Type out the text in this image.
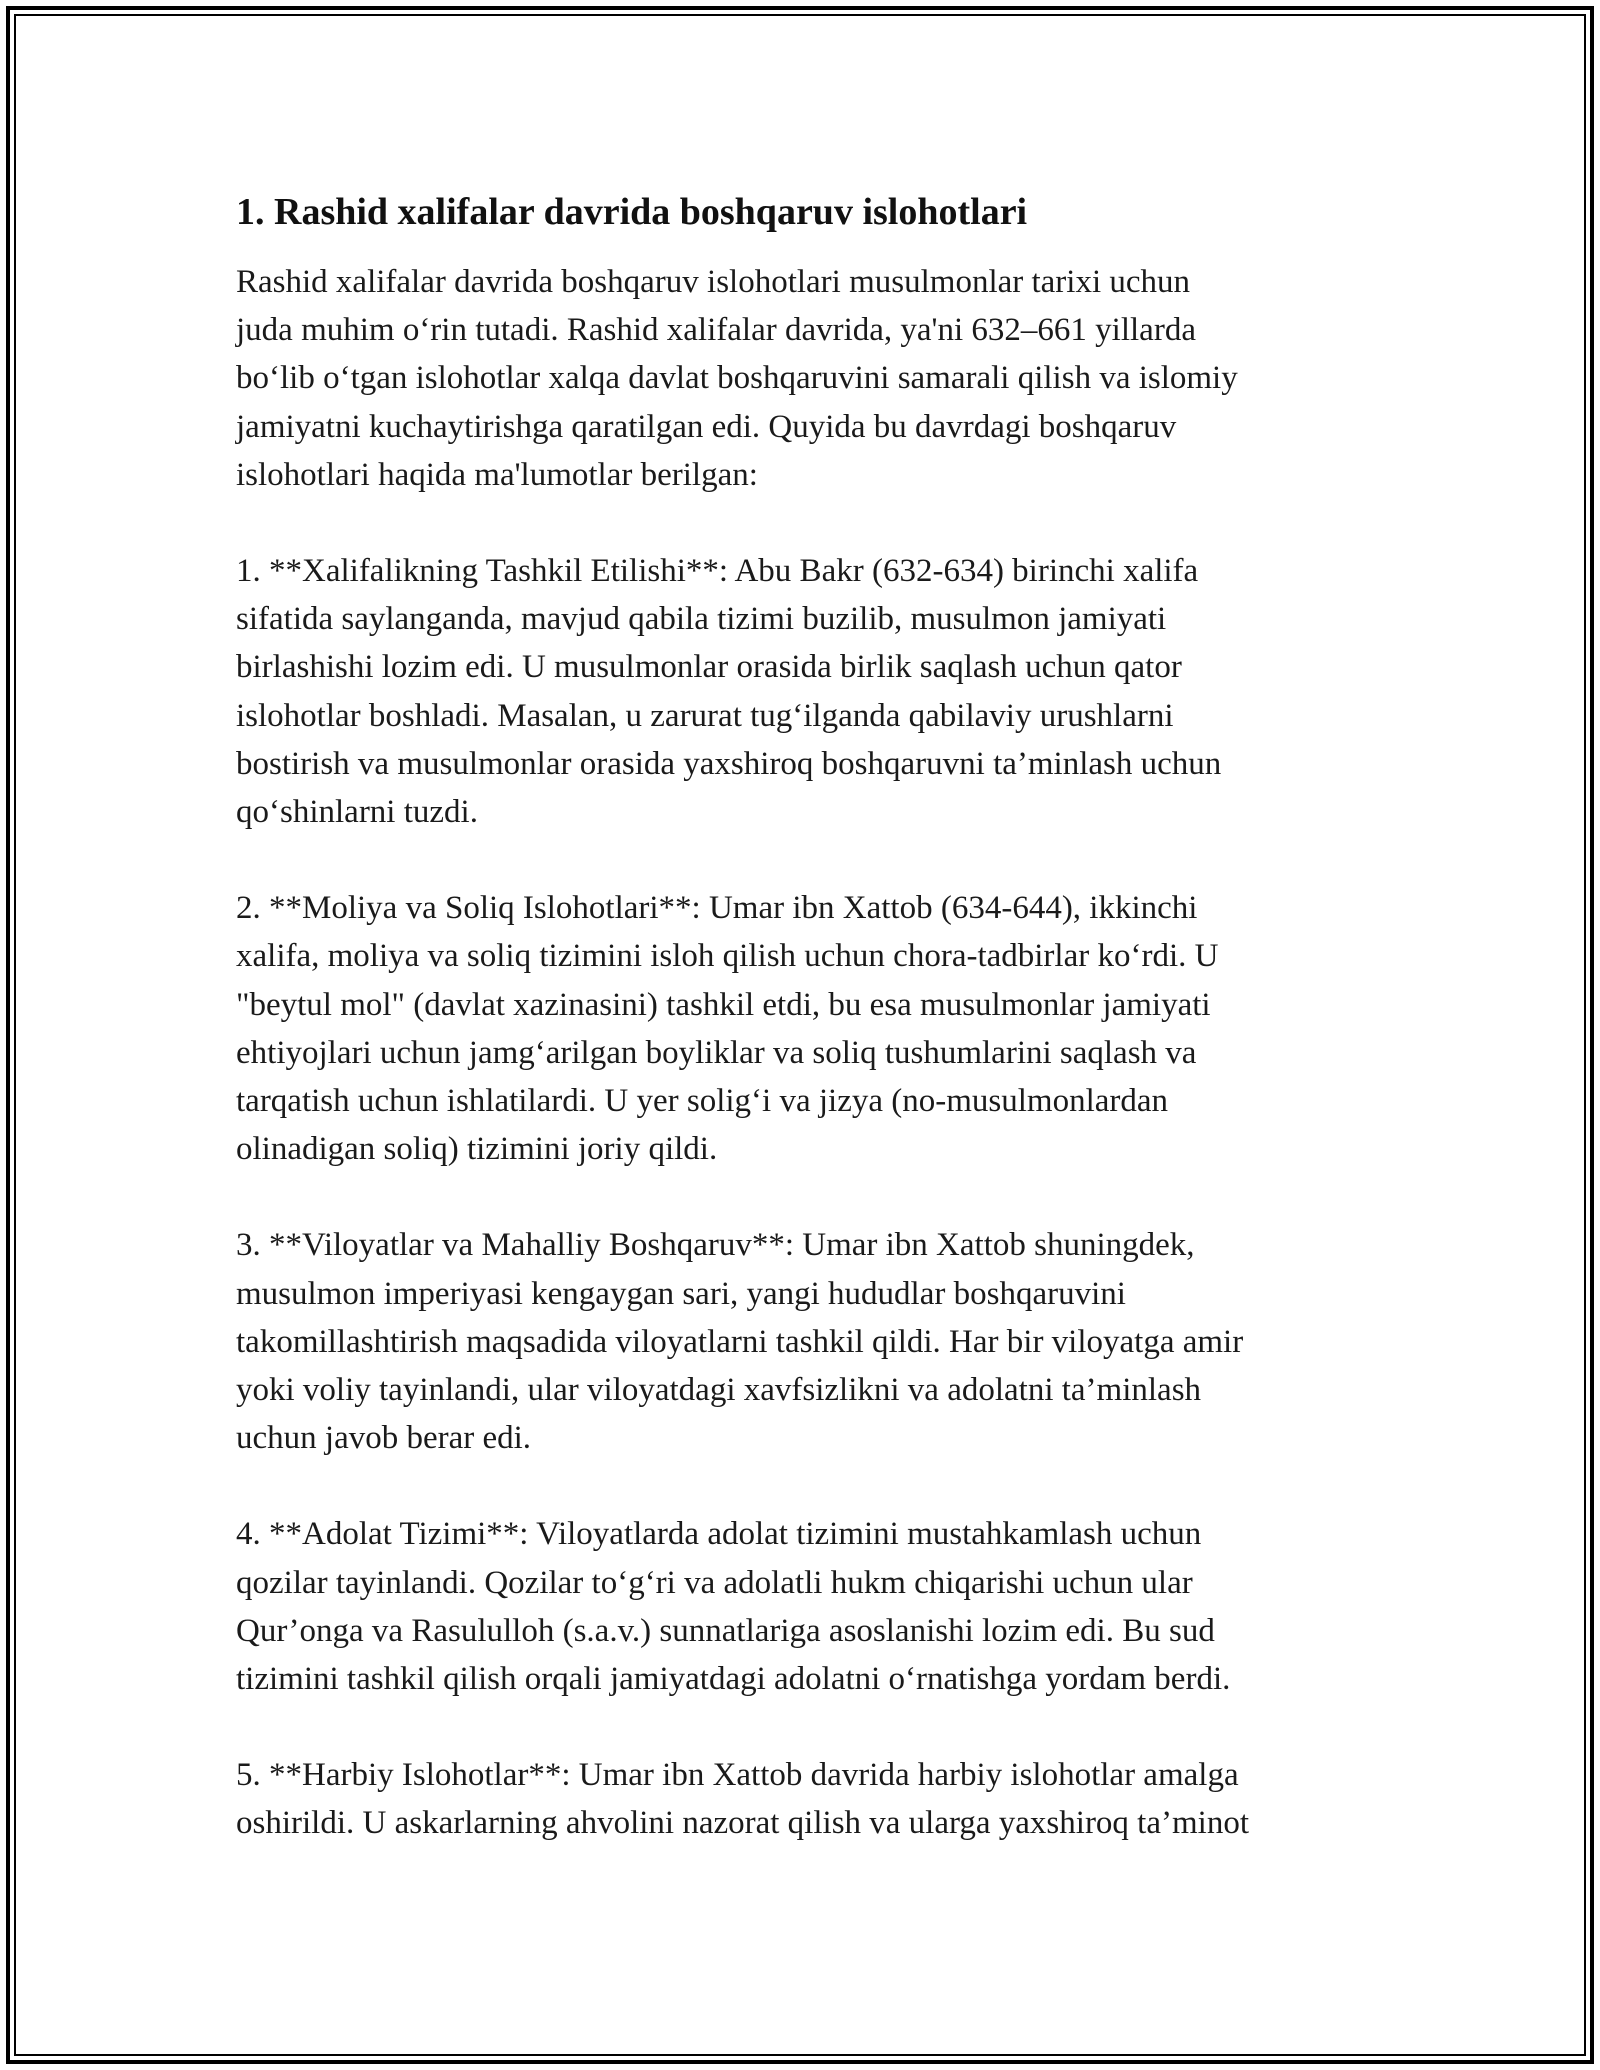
1. Rashid xalifalar davrida boshqaruv islohotlari
Rashid xalifalar davrida boshqaruv islohotlari musulmonlar tarixi uchun
juda muhim o‘rin tutadi. Rashid xalifalar davrida, ya'ni 632–661 yillarda
bo‘lib o‘tgan islohotlar xalqa davlat boshqaruvini samarali qilish va islomiy
jamiyatni kuchaytirishga qaratilgan edi. Quyida bu davrdagi boshqaruv
islohotlari haqida ma'lumotlar berilgan:
1. **Xalifalikning Tashkil Etilishi**: Abu Bakr (632-634) birinchi xalifa
sifatida saylanganda, mavjud qabila tizimi buzilib, musulmon jamiyati
birlashishi lozim edi. U musulmonlar orasida birlik saqlash uchun qator
islohotlar boshladi. Masalan, u zarurat tug‘ilganda qabilaviy urushlarni
bostirish va musulmonlar orasida yaxshiroq boshqaruvni ta’minlash uchun
qo‘shinlarni tuzdi.
2. **Moliya va Soliq Islohotlari**: Umar ibn Xattob (634-644), ikkinchi
xalifa, moliya va soliq tizimini isloh qilish uchun chora-tadbirlar ko‘rdi. U
"beytul mol" (davlat xazinasini) tashkil etdi, bu esa musulmonlar jamiyati
ehtiyojlari uchun jamg‘arilgan boyliklar va soliq tushumlarini saqlash va
tarqatish uchun ishlatilardi. U yer solig‘i va jizya (no-musulmonlardan
olinadigan soliq) tizimini joriy qildi.
3. **Viloyatlar va Mahalliy Boshqaruv**: Umar ibn Xattob shuningdek,
musulmon imperiyasi kengaygan sari, yangi hududlar boshqaruvini
takomillashtirish maqsadida viloyatlarni tashkil qildi. Har bir viloyatga amir
yoki voliy tayinlandi, ular viloyatdagi xavfsizlikni va adolatni ta’minlash
uchun javob berar edi.
4. **Adolat Tizimi**: Viloyatlarda adolat tizimini mustahkamlash uchun
qozilar tayinlandi. Qozilar to‘g‘ri va adolatli hukm chiqarishi uchun ular
Qur’onga va Rasululloh (s.a.v.) sunnatlariga asoslanishi lozim edi. Bu sud
tizimini tashkil qilish orqali jamiyatdagi adolatni o‘rnatishga yordam berdi.
5. **Harbiy Islohotlar**: Umar ibn Xattob davrida harbiy islohotlar amalga
oshirildi. U askarlarning ahvolini nazorat qilish va ularga yaxshiroq ta’minot
